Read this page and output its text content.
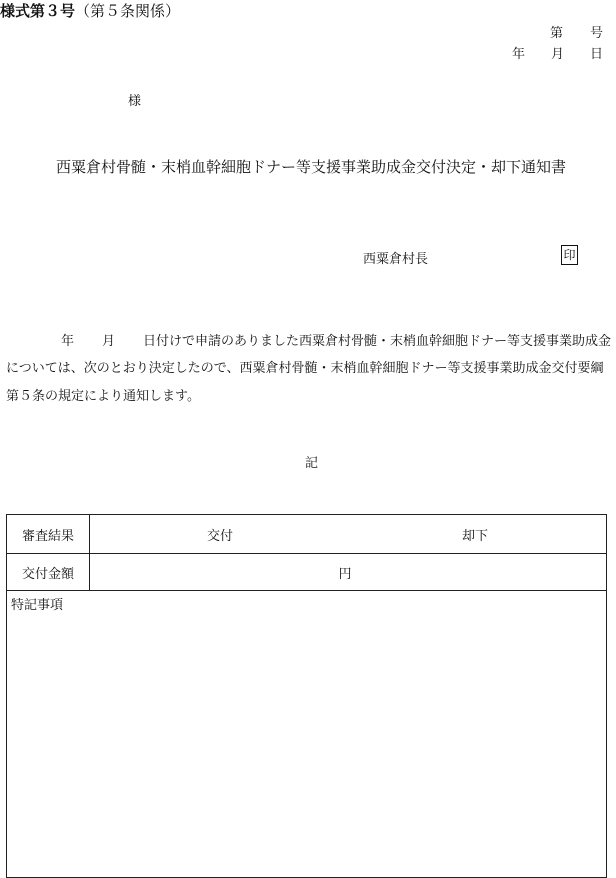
様式第３号（第５条関係）
第 号
年 月 日
様
西粟倉村骨髄・末梢血幹細胞ドナー等支援事業助成金交付決定・却下通知書
西粟倉村長	印
年 月 日付けで申請のありました西粟倉村骨髄・末梢血幹細胞ドナー等支援事業助成金
については、次のとおり決定したので、西粟倉村骨髄・末梢血幹細胞ドナー等支援事業助成金交付要綱
第５条の規定により通知します。
記
審査結果	交付 却下
交付金額	円
特記事項	
